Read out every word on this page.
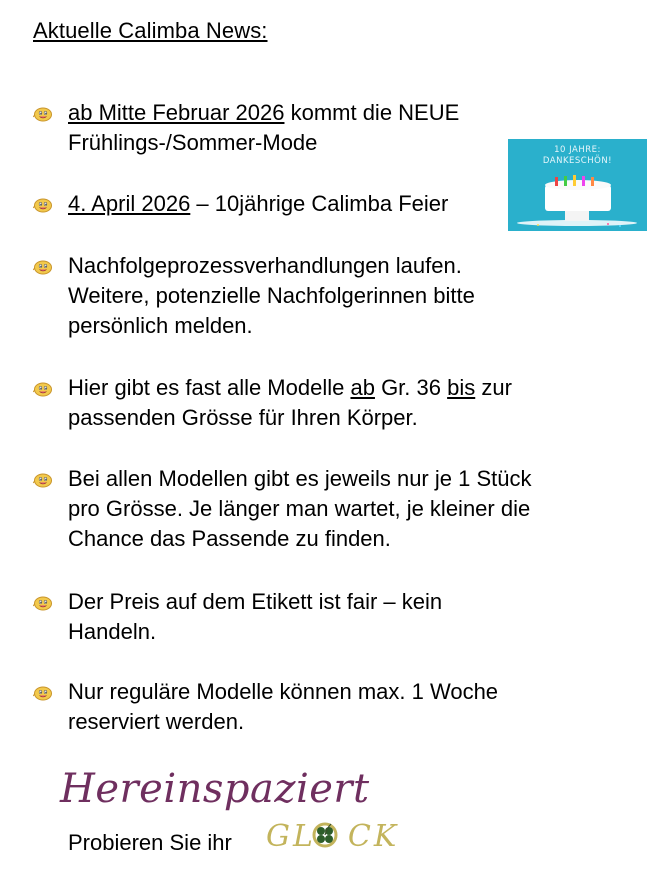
Aktuelle Calimba News:
ab Mitte Februar 2026 kommt die NEUE
Frühlings-/Sommer-Mode
4. April 2026 – 10jährige Calimba Feier
Nachfolgeprozessverhandlungen laufen.
Weitere, potenzielle Nachfolgerinnen bitte
persönlich melden.
Hier gibt es fast alle Modelle ab Gr. 36 bis zur
passenden Grösse für Ihren Körper.
Bei allen Modellen gibt es jeweils nur je 1 Stück
pro Grösse. Je länger man wartet, je kleiner die
Chance das Passende zu finden.
Der Preis auf dem Etikett ist fair – kein
Handeln.
Nur reguläre Modelle können max. 1 Woche
reserviert werden.
10 JAHRE:
DANKESCHÖN!
Hereinspaziert
Probieren Sie ihr GL CK
